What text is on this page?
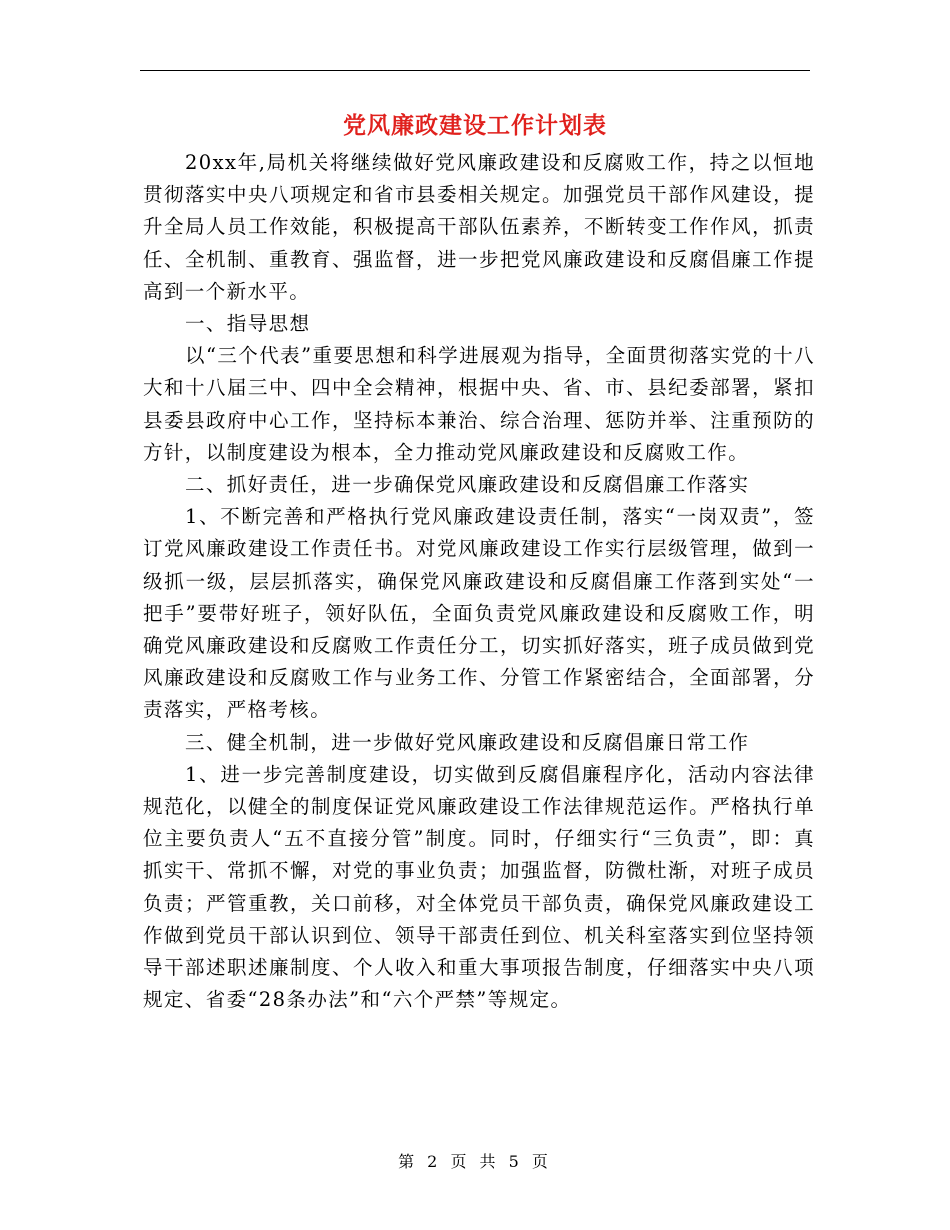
党风廉政建设工作计划表

20xx年,局机关将继续做好党风廉政建设和反腐败工作，持之以恒地贯彻落实中央八项规定和省市县委相关规定。加强党员干部作风建设，提升全局人员工作效能，积极提高干部队伍素养，不断转变工作作风，抓责任、全机制、重教育、强监督，进一步把党风廉政建设和反腐倡廉工作提高到一个新水平。

一、指导思想

以“三个代表”重要思想和科学进展观为指导，全面贯彻落实党的十八大和十八届三中、四中全会精神，根据中央、省、市、县纪委部署，紧扣县委县政府中心工作，坚持标本兼治、综合治理、惩防并举、注重预防的方针，以制度建设为根本，全力推动党风廉政建设和反腐败工作。

二、抓好责任，进一步确保党风廉政建设和反腐倡廉工作落实

1、不断完善和严格执行党风廉政建设责任制，落实“一岗双责”，签订党风廉政建设工作责任书。对党风廉政建设工作实行层级管理，做到一级抓一级，层层抓落实，确保党风廉政建设和反腐倡廉工作落到实处“一把手”要带好班子，领好队伍，全面负责党风廉政建设和反腐败工作，明确党风廉政建设和反腐败工作责任分工，切实抓好落实，班子成员做到党风廉政建设和反腐败工作与业务工作、分管工作紧密结合，全面部署，分责落实，严格考核。

三、健全机制，进一步做好党风廉政建设和反腐倡廉日常工作

1、进一步完善制度建设，切实做到反腐倡廉程序化，活动内容法律规范化，以健全的制度保证党风廉政建设工作法律规范运作。严格执行单位主要负责人“五不直接分管”制度。同时，仔细实行“三负责”，即：真抓实干、常抓不懈，对党的事业负责；加强监督，防微杜渐，对班子成员负责；严管重教，关口前移，对全体党员干部负责，确保党风廉政建设工作做到党员干部认识到位、领导干部责任到位、机关科室落实到位坚持领导干部述职述廉制度、个人收入和重大事项报告制度，仔细落实中央八项规定、省委“28条办法”和“六个严禁”等规定。

第 2 页 共 5 页
